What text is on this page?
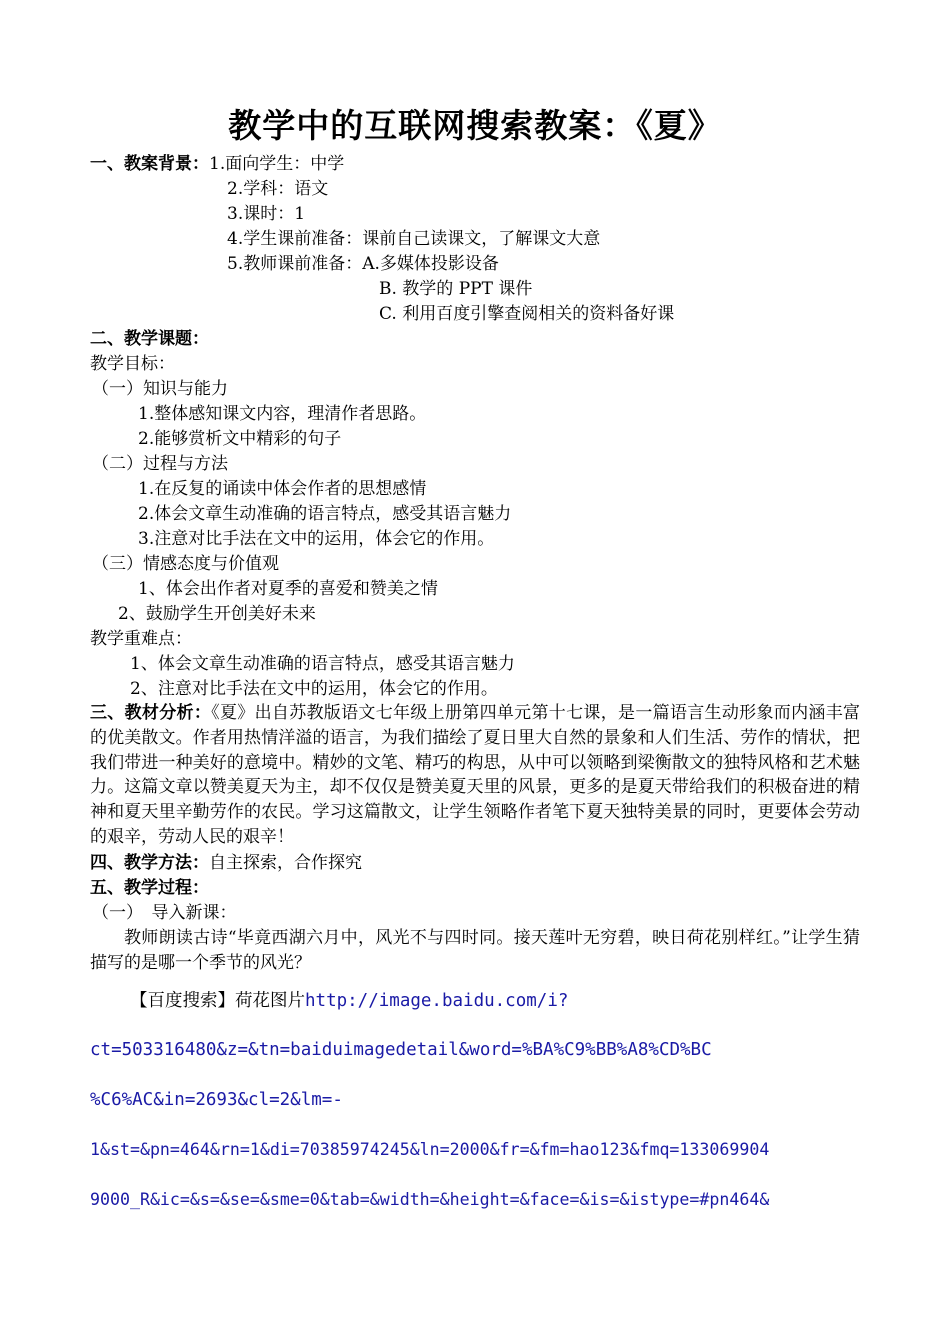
教学中的互联网搜索教案：《夏》
一、教案背景：1.面向学生：中学
2.学科：语文
3.课时：1
4.学生课前准备：课前自己读课文，了解课文大意
5.教师课前准备：A.多媒体投影设备
B. 教学的 PPT 课件
C. 利用百度引擎查阅相关的资料备好课
二、教学课题：
教学目标：
（一）知识与能力
1.整体感知课文内容，理清作者思路。
2.能够赏析文中精彩的句子
（二）过程与方法
1.在反复的诵读中体会作者的思想感情
2.体会文章生动准确的语言特点，感受其语言魅力
3.注意对比手法在文中的运用，体会它的作用。
（三）情感态度与价值观
1、体会出作者对夏季的喜爱和赞美之情
2、鼓励学生开创美好未来
教学重难点：
1、体会文章生动准确的语言特点，感受其语言魅力
2、注意对比手法在文中的运用，体会它的作用。
三、教材分析：《夏》出自苏教版语文七年级上册第四单元第十七课，是一篇语言生动形象而内涵丰富的优美散文。作者用热情洋溢的语言，为我们描绘了夏日里大自然的景象和人们生活、劳作的情状，把我们带进一种美好的意境中。精妙的文笔、精巧的构思，从中可以领略到梁衡散文的独特风格和艺术魅力。这篇文章以赞美夏天为主，却不仅仅是赞美夏天里的风景，更多的是夏天带给我们的积极奋进的精神和夏天里辛勤劳作的农民。学习这篇散文，让学生领略作者笔下夏天独特美景的同时，更要体会劳动的艰辛，劳动人民的艰辛！
四、教学方法：自主探索，合作探究
五、教学过程：
（一）　导入新课：
教师朗读古诗“毕竟西湖六月中，风光不与四时同。接天莲叶无穷碧，映日荷花别样红。”让学生猜描写的是哪一个季节的风光？
【百度搜索】荷花图片http://image.baidu.com/i?
ct=503316480&z=&tn=baiduimagedetail&word=%BA%C9%BB%A8%CD%BC
%C6%AC&in=2693&cl=2&lm=-
1&st=&pn=464&rn=1&di=70385974245&ln=2000&fr=&fm=hao123&fmq=133069904
9000_R&ic=&s=&se=&sme=0&tab=&width=&height=&face=&is=&istype=#pn464&
